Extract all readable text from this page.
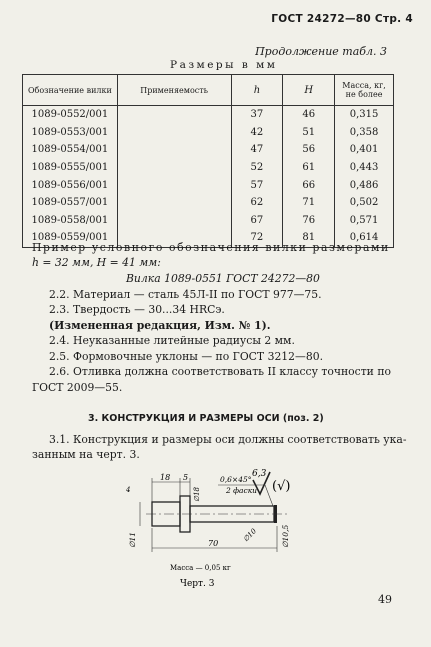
ГОСТ 24272—80 Стр. 4
Продолжение табл. 3
Размеры в мм
Обозначение вилки	Применяемость	h	H	Масса, кг, не более
1089-0552/001		37	46	0,315
1089-0553/001		42	51	0,358
1089-0554/001		47	56	0,401
1089-0555/001		52	61	0,443
1089-0556/001		57	66	0,486
1089-0557/001		62	71	0,502
1089-0558/001		67	76	0,571
1089-0559/001		72	81	0,614
Пример условного обозначения вилки размерами
h = 32 мм, H = 41 мм:
Вилка 1089-0551 ГОСТ 24272—80
2.2. Материал — сталь 45Л-II по ГОСТ 977—75.
2.3. Твердость — 30...34 HRCэ.
(Измененная редакция, Изм. № 1).
2.4. Неуказанные литейные радиусы 2 мм.
2.5. Формовочные уклоны — по ГОСТ 3212—80.
2.6. Отливка должна соответствовать II классу точности по
ГОСТ 2009—55.
3. КОНСТРУКЦИЯ И РАЗМЕРЫ ОСИ (поз. 2)
3.1. Конструкция и размеры оси должны соответствовать ука-
занным на черт. 3.
6,3
(√)
18 5
∅18
0,6×45°
2 фаски
4
∅11	∅10,5
∅10
70
Масса — 0,05 кг
Черт. 3
49
